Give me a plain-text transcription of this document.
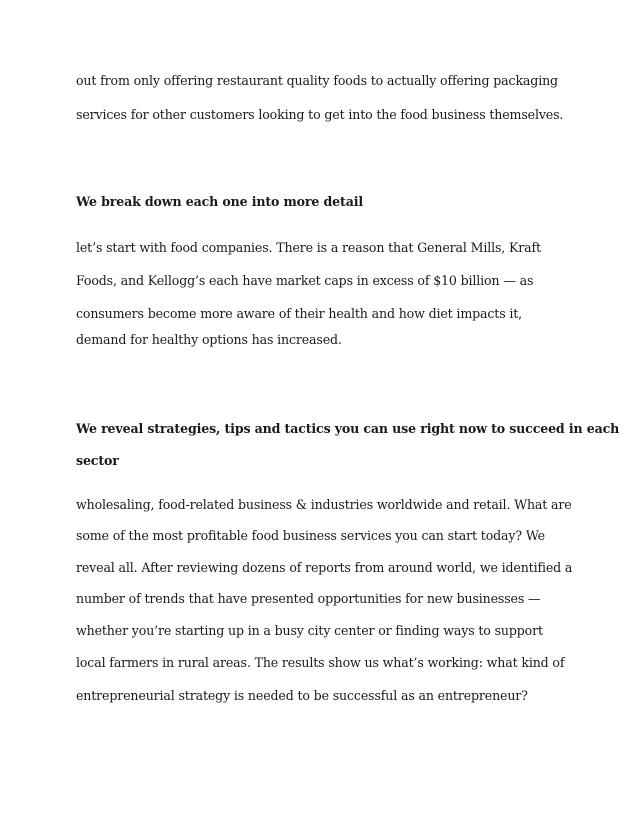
out from only offering restaurant quality foods to actually offering packaging
services for other customers looking to get into the food business themselves.
We break down each one into more detail
let’s start with food companies. There is a reason that General Mills, Kraft
Foods, and Kellogg’s each have market caps in excess of $10 billion — as
consumers become more aware of their health and how diet impacts it,
demand for healthy options has increased.
We reveal strategies, tips and tactics you can use right now to succeed in each
sector
wholesaling, food-related business & industries worldwide and retail. What are
some of the most profitable food business services you can start today? We
reveal all. After reviewing dozens of reports from around world, we identified a
number of trends that have presented opportunities for new businesses —
whether you’re starting up in a busy city center or finding ways to support
local farmers in rural areas. The results show us what’s working: what kind of
entrepreneurial strategy is needed to be successful as an entrepreneur?
